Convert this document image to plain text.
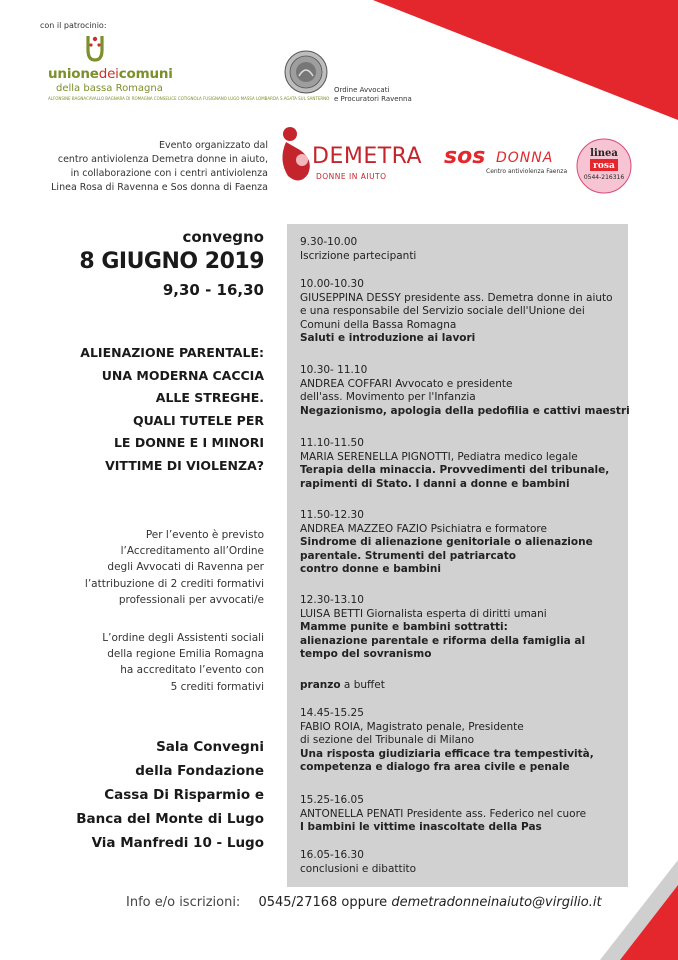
con il patrocinio:
unionedeicomuni
della bassa Romagna
ALFONSINE BAGNACAVALLO BAGNARA DI ROMAGNA CONSELICE COTIGNOLA FUSIGNANO LUGO MASSA LOMBARDA S.AGATA SUL SANTERNO
Ordine Avvocati
e Procuratori Ravenna
Evento organizzato dal
centro antiviolenza Demetra donne in aiuto,
in collaborazione con i centri antiviolenza
Linea Rosa di Ravenna e Sos donna di Faenza
DEMETRA
DONNE IN AIUTO
sos DONNA
Centro antiviolenza Faenza
linea
rosa
0544-216316
convegno
8 GIUGNO 2019
9,30 - 16,30
ALIENAZIONE PARENTALE:
UNA MODERNA CACCIA
ALLE STREGHE.
QUALI TUTELE PER
LE DONNE E I MINORI
VITTIME DI VIOLENZA?
Per l’evento è previsto
l’Accreditamento all’Ordine
degli Avvocati di Ravenna per
l’attribuzione di 2 crediti formativi
professionali per avvocati/e
L’ordine degli Assistenti sociali
della regione Emilia Romagna
ha accreditato l’evento con
5 crediti formativi
Sala Convegni
della Fondazione
Cassa Di Risparmio e
Banca del Monte di Lugo
Via Manfredi 10 - Lugo
9.30-10.00
Iscrizione partecipanti
10.00-10.30
GIUSEPPINA DESSY presidente ass. Demetra donne in aiuto
e una responsabile del Servizio sociale dell'Unione dei
Comuni della Bassa Romagna
Saluti e introduzione ai lavori
10.30- 11.10
ANDREA COFFARI Avvocato e presidente
dell'ass. Movimento per l'Infanzia
Negazionismo, apologia della pedofilia e cattivi maestri
11.10-11.50
MARIA SERENELLA PIGNOTTI, Pediatra medico legale
Terapia della minaccia. Provvedimenti del tribunale,
rapimenti di Stato. I danni a donne e bambini
11.50-12.30
ANDREA MAZZEO FAZIO Psichiatra e formatore
Sindrome di alienazione genitoriale o alienazione
parentale. Strumenti del patriarcato
contro donne e bambini
12.30-13.10
LUISA BETTI Giornalista esperta di diritti umani
Mamme punite e bambini sottratti:
alienazione parentale e riforma della famiglia al
tempo del sovranismo
pranzo a buffet
14.45-15.25
FABIO ROIA, Magistrato penale, Presidente
di sezione del Tribunale di Milano
Una risposta giudiziaria efficace tra tempestività,
competenza e dialogo fra area civile e penale
15.25-16.05
ANTONELLA PENATI Presidente ass. Federico nel cuore
I bambini le vittime inascoltate della Pas
16.05-16.30
conclusioni e dibattito
Info e/o iscrizioni: 0545/27168 oppure demetradonneinaiuto@virgilio.it
